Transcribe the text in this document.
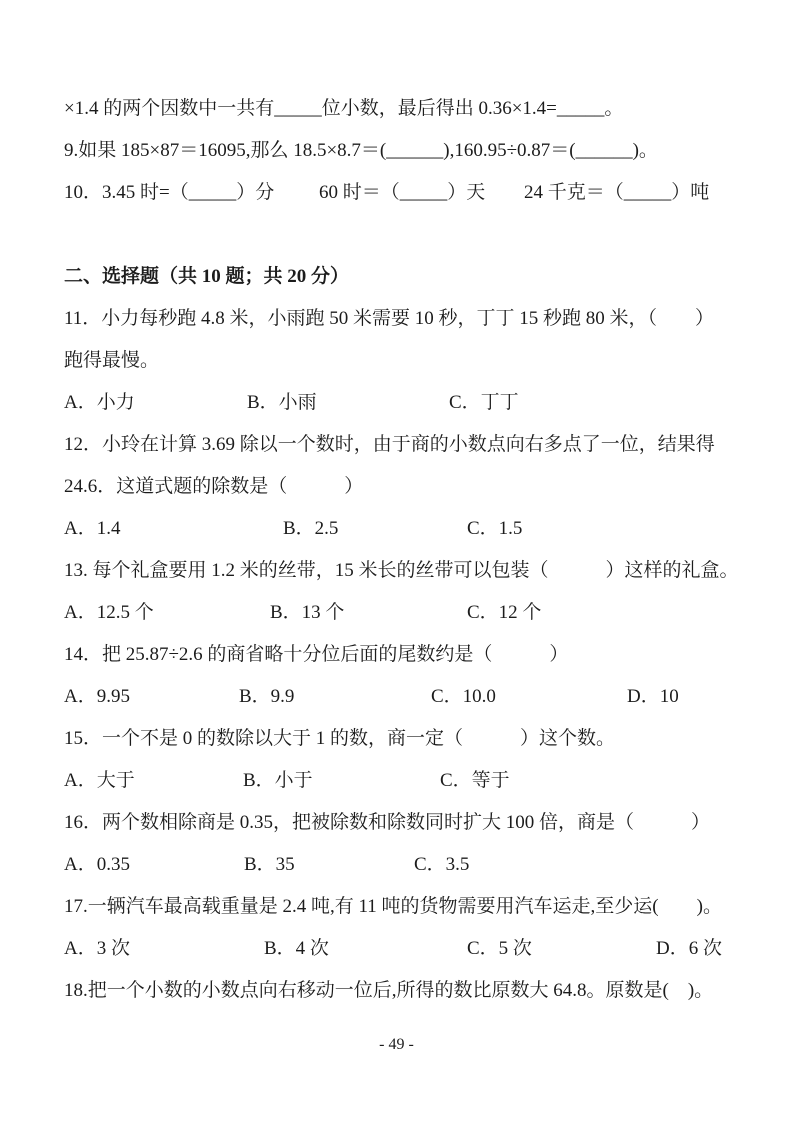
×1.4 的两个因数中一共有_____位小数，最后得出 0.36×1.4=_____。

9.如果 185×87＝16095,那么 18.5×8.7＝(______),160.95÷0.87＝(______)。

10．3.45 时=（_____）分	60 时＝（_____）天	24 千克＝（_____）吨

二、选择题（共 10 题；共 20 分）

11．小力每秒跑 4.8 米，小雨跑 50 米需要 10 秒，丁丁 15 秒跑 80 米，（　　）

跑得最慢。

A．小力	B．小雨	C．丁丁

12．小玲在计算 3.69 除以一个数时，由于商的小数点向右多点了一位，结果得

24.6．这道式题的除数是（　　　）

A．1.4	B．2.5	C．1.5

13. 每个礼盒要用 1.2 米的丝带，15 米长的丝带可以包装（　　　）这样的礼盒。

A．12.5 个	B．13 个	C．12 个

14．把 25.87÷2.6 的商省略十分位后面的尾数约是（　　　）

A．9.95	B．9.9	C．10.0	D．10

15．一个不是 0 的数除以大于 1 的数，商一定（　　　）这个数。

A．大于	B．小于	C．等于

16．两个数相除商是 0.35，把被除数和除数同时扩大 100 倍，商是（　　　）

A．0.35	B．35	C．3.5

17.一辆汽车最高载重量是 2.4 吨,有 11 吨的货物需要用汽车运走,至少运(　　)。

A．3 次	B．4 次	C．5 次	D．6 次

18.把一个小数的小数点向右移动一位后,所得的数比原数大 64.8。原数是(　)。

- 49 -
